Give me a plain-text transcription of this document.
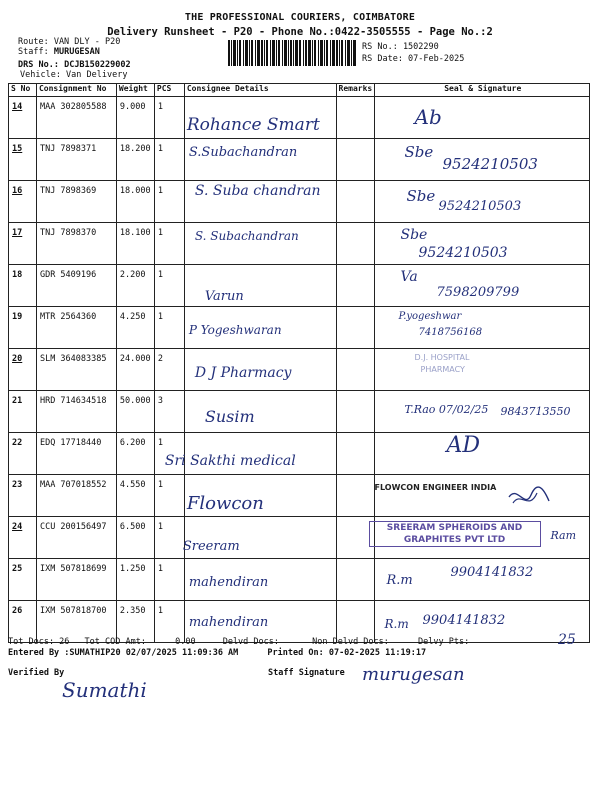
THE PROFESSIONAL COURIERS, COIMBATORE
Delivery Runsheet - P20 - Phone No.:0422-3505555 - Page No.:2
Route: VAN DLY - P20
Staff: MURUGESAN
DRS No.: DCJB150229002
Vehicle: Van Delivery
RS No.: 1502290
RS Date: 07-Feb-2025
S No	Consignment No	Weight	PCS	Consignee Details	Remarks	Seal & Signature

14	MAA 302805588	9.000	1	Rohance Smart		Ab

15	TNJ 7898371	18.200	1	S.Subachandran		Sbe
9524210503

16	TNJ 7898369	18.000	1	S. Suba chandran		Sbe
9524210503

17	TNJ 7898370	18.100	1	S. Subachandran		Sbe
9524210503

18	GDR 5409196	2.200	1	Varun		Va
7598209799

19	MTR 2564360	4.250	1	P Yogeshwaran		P.yogeshwar
7418756168

20	SLM 364083385	24.000	2	D J Pharmacy		D.J. HOSPITAL
PHARMACY

21	HRD 714634518	50.000	3	Susim		T.Rao 07/02/25 9843713550

22	EDQ 17718440	6.200	1	Sri Sakthi medical		AD

23	MAA 707018552	4.550	1	Flowcon		FLOWCON ENGINEER INDIA

24	CCU 200156497	6.500	1	Sreeram		SREERAM SPHEROIDS AND
GRAPHITES PVT LTD Ram

25	IXM 507818699	1.250	1	mahendiran		R.m
9904141832

26	IXM 507818700	2.350	1	mahendiran		R.m 9904141832
Tot Docs: 26 Tot COD Amt:	0.00	Delvd Docs:	Non Delvd Docs:	Delvy Pts:	25
Entered By :SUMATHIP20 02/07/2025 11:09:36 AM	Printed On: 07-02-2025 11:19:17
Verified By	Staff Signature
Sumathi
murugesan
